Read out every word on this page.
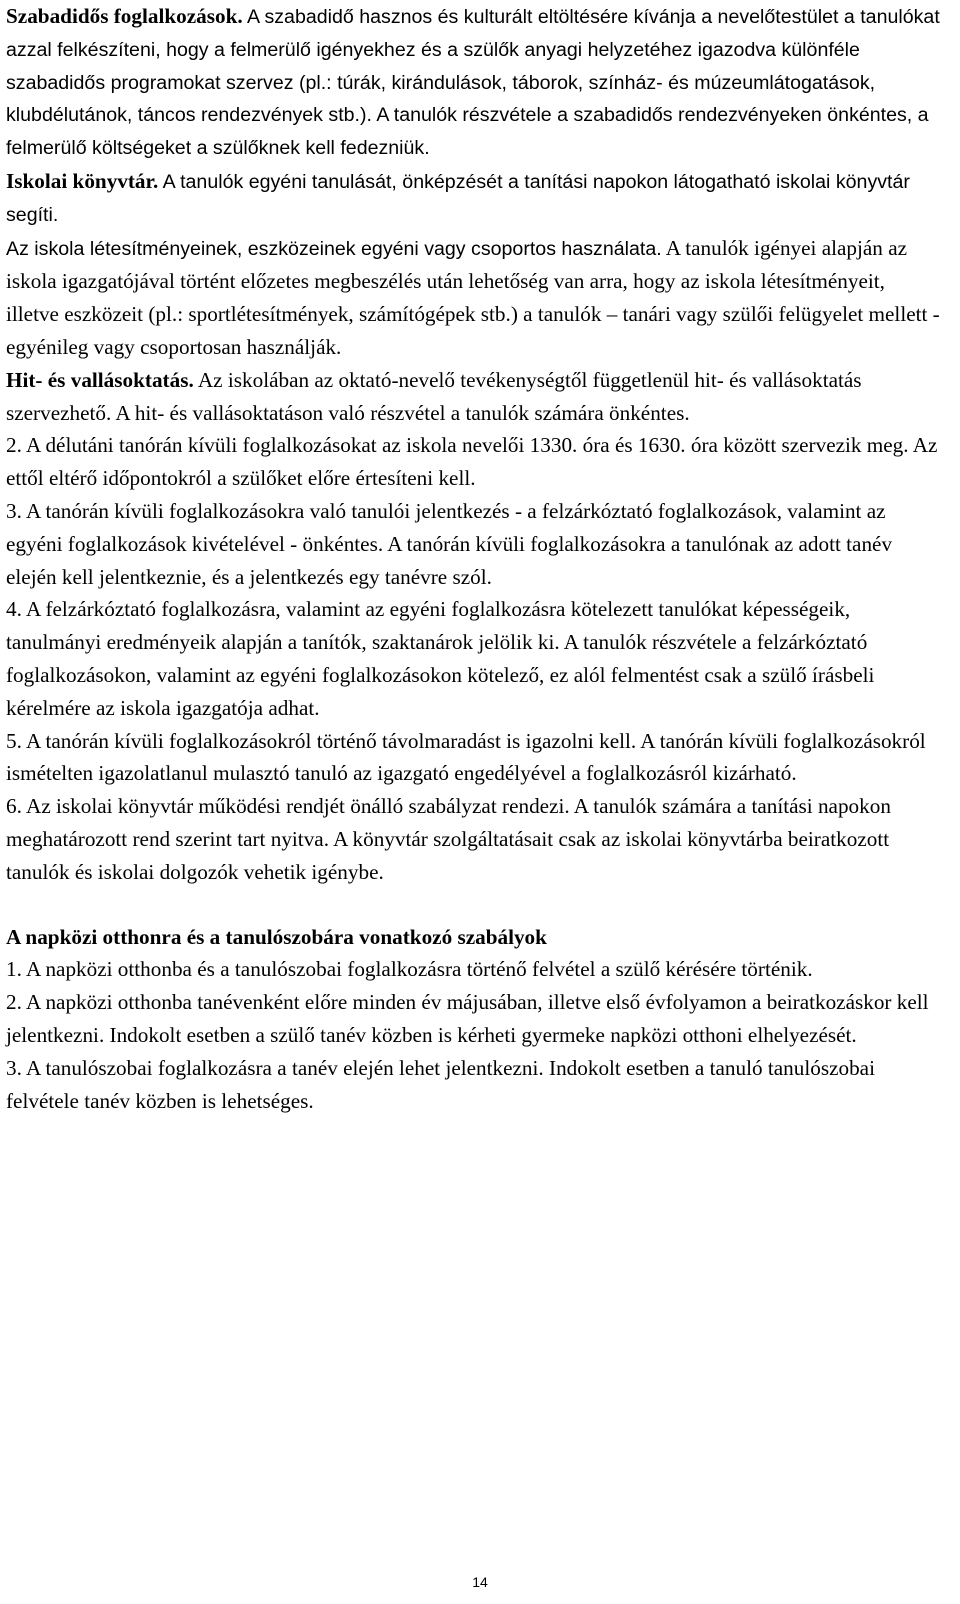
Szabadidős foglalkozások. A szabadidő hasznos és kulturált eltöltésére kívánja a nevelőtestület a tanulókat azzal felkészíteni, hogy a felmerülő igényekhez és a szülők anyagi helyzetéhez igazodva különféle szabadidős programokat szervez (pl.: túrák, kirándulások, táborok, színház- és múzeumlátogatások, klubdélutánok, táncos rendezvények stb.). A tanulók részvétele a szabadidős rendezvényeken önkéntes, a felmerülő költségeket a szülőknek kell fedezniük.

Iskolai könyvtár. A tanulók egyéni tanulását, önképzését a tanítási napokon látogatható iskolai könyvtár segíti.

Az iskola létesítményeinek, eszközeinek egyéni vagy csoportos használata. A tanulók igényei alapján az iskola igazgatójával történt előzetes megbeszélés után lehetőség van arra, hogy az iskola létesítményeit, illetve eszközeit (pl.: sportlétesítmények, számítógépek stb.) a tanulók – tanári vagy szülői felügyelet mellett - egyénileg vagy csoportosan használják.

Hit- és vallásoktatás. Az iskolában az oktató-nevelő tevékenységtől függetlenül hit- és vallásoktatás szervezhető. A hit- és vallásoktatáson való részvétel a tanulók számára önkéntes.

2. A délutáni tanórán kívüli foglalkozásokat az iskola nevelői 1330. óra és 1630. óra között szervezik meg. Az ettől eltérő időpontokról a szülőket előre értesíteni kell.

3. A tanórán kívüli foglalkozásokra való tanulói jelentkezés - a felzárkóztató foglalkozások, valamint az egyéni foglalkozások kivételével - önkéntes. A tanórán kívüli foglalkozásokra a tanulónak az adott tanév elején kell jelentkeznie, és a jelentkezés egy tanévre szól.

4. A felzárkóztató foglalkozásra, valamint az egyéni foglalkozásra kötelezett tanulókat képességeik, tanulmányi eredményeik alapján a tanítók, szaktanárok jelölik ki. A tanulók részvétele a felzárkóztató foglalkozásokon, valamint az egyéni foglalkozásokon kötelező, ez alól felmentést csak a szülő írásbeli kérelmére az iskola igazgatója adhat.

5. A tanórán kívüli foglalkozásokról történő távolmaradást is igazolni kell. A tanórán kívüli foglalkozásokról ismételten igazolatlanul mulasztó tanuló az igazgató engedélyével a foglalkozásról kizárható.

6. Az iskolai könyvtár működési rendjét önálló szabályzat rendezi. A tanulók számára a tanítási napokon meghatározott rend szerint tart nyitva. A könyvtár szolgáltatásait csak az iskolai könyvtárba beiratkozott tanulók és iskolai dolgozók vehetik igénybe.

A napközi otthonra és a tanulószobára vonatkozó szabályok

1. A napközi otthonba és a tanulószobai foglalkozásra történő felvétel a szülő kérésére történik.

2. A napközi otthonba tanévenként előre minden év májusában, illetve első évfolyamon a beiratkozáskor kell jelentkezni. Indokolt esetben a szülő tanév közben is kérheti gyermeke napközi otthoni elhelyezését.

3. A tanulószobai foglalkozásra a tanév elején lehet jelentkezni. Indokolt esetben a tanuló tanulószobai felvétele tanév közben is lehetséges.

14
